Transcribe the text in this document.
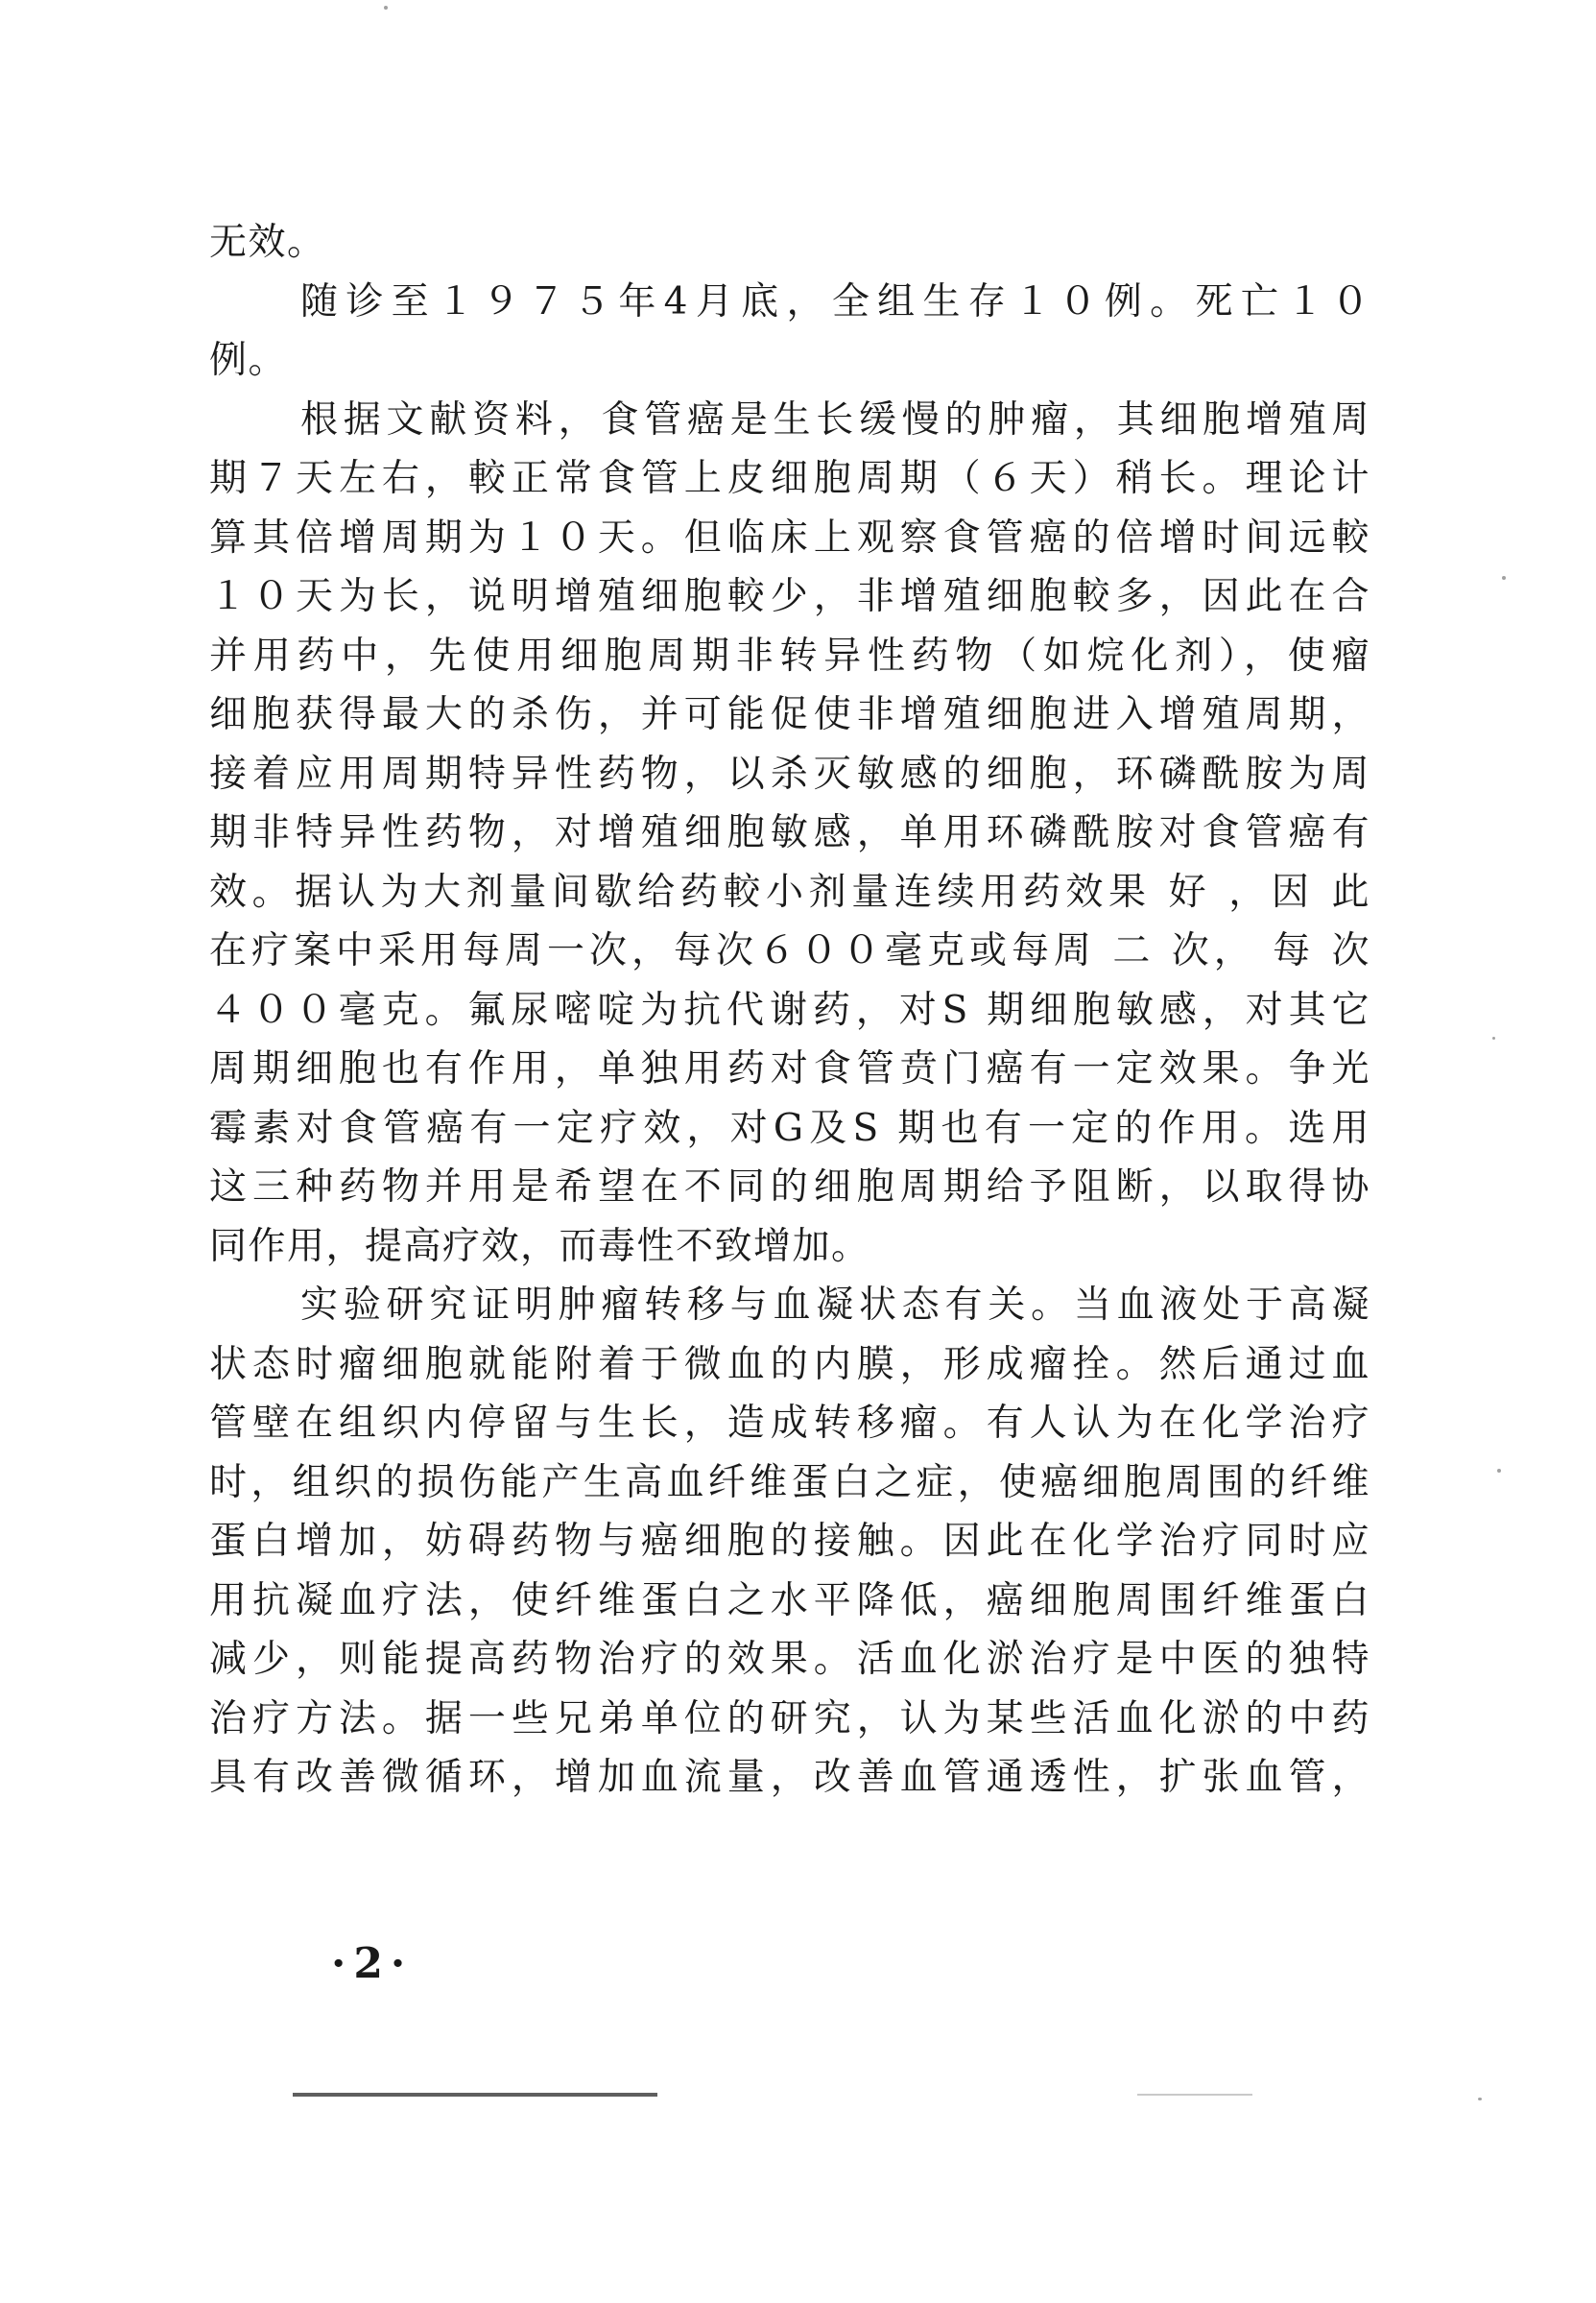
无效。
随诊至１９７５年4月底，全组生存１０例。死亡１０
例。
根据文献资料，食管癌是生长缓慢的肿瘤，其细胞增殖周
期７天左右，較正常食管上皮细胞周期（６天）稍长。理论计
算其倍增周期为１０天。但临床上观察食管癌的倍增时间远較
１０天为长，说明增殖细胞較少，非增殖细胞較多，因此在合
并用药中，先使用细胞周期非转异性药物（如烷化剂），使瘤
细胞获得最大的杀伤，并可能促使非增殖细胞进入增殖周期，
接着应用周期特异性药物，以杀灭敏感的细胞，环磷酰胺为周
期非特异性药物，对增殖细胞敏感，单用环磷酰胺对食管癌有
效。据认为大剂量间歇给药較小剂量连续用药效果 好 ，因 此
在疗案中采用每周一次，每次６００毫克或每周 二 次， 每 次
４００毫克。氟尿嘧啶为抗代谢药，对S 期细胞敏感，对其它
周期细胞也有作用，单独用药对食管贲门癌有一定效果。争光
霉素对食管癌有一定疗效，对G及S 期也有一定的作用。选用
这三种药物并用是希望在不同的细胞周期给予阻断，以取得协
同作用，提高疗效，而毒性不致增加。
实验研究证明肿瘤转移与血凝状态有关。当血液处于高凝
状态时瘤细胞就能附着于微血的内膜，形成瘤拴。然后通过血
管壁在组织内停留与生长，造成转移瘤。有人认为在化学治疗
时，组织的损伤能产生高血纤维蛋白之症，使癌细胞周围的纤维
蛋白增加，妨碍药物与癌细胞的接触。因此在化学治疗同时应
用抗凝血疗法，使纤维蛋白之水平降低，癌细胞周围纤维蛋白
减少，则能提高药物治疗的效果。活血化淤治疗是中医的独特
治疗方法。据一些兄弟单位的研究，认为某些活血化淤的中药
具有改善微循环，增加血流量，改善血管通透性，扩张血管，
·2·
